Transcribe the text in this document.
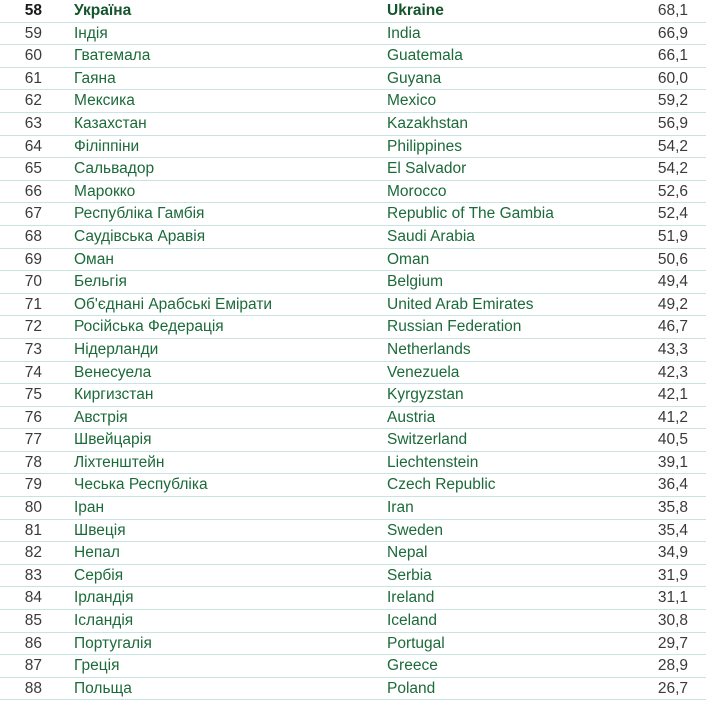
58 Україна	Ukraine	68,1
59 Індія	India	66,9
60 Гватемала	Guatemala	66,1
61 Гаяна	Guyana	60,0
62 Мексика	Mexico	59,2
63 Казахстан	Kazakhstan	56,9
64 Філіппіни	Philippines	54,2
65 Сальвадор	El Salvador	54,2
66 Марокко	Morocco	52,6
67 Республіка Гамбія	Republic of The Gambia	52,4
68 Саудівська Аравія	Saudi Arabia	51,9
69 Оман	Oman	50,6
70 Бельгія	Belgium	49,4
71 Об'єднані Арабські Емірати	United Arab Emirates	49,2
72 Російська Федерація	Russian Federation	46,7
73 Нідерланди	Netherlands	43,3
74 Венесуела	Venezuela	42,3
75 Киргизстан	Kyrgyzstan	42,1
76 Австрія	Austria	41,2
77 Швейцарія	Switzerland	40,5
78 Ліхтенштейн	Liechtenstein	39,1
79 Чеська Республіка	Czech Republic	36,4
80 Іран	Iran	35,8
81 Швеція	Sweden	35,4
82 Непал	Nepal	34,9
83 Сербія	Serbia	31,9
84 Ірландія	Ireland	31,1
85 Ісландія	Iceland	30,8
86 Португалія	Portugal	29,7
87 Греція	Greece	28,9
88 Польща	Poland	26,7
